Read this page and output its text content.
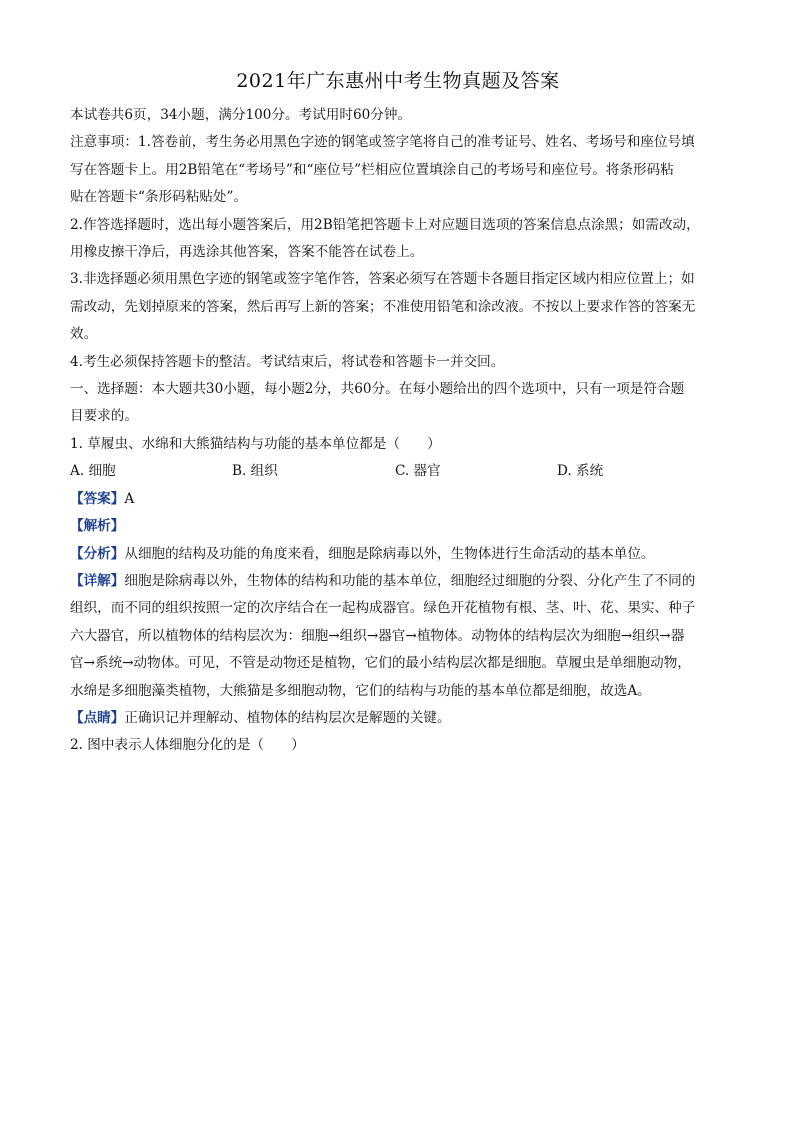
2021年广东惠州中考生物真题及答案

本试卷共6页，34小题，满分100分。考试用时60分钟。

注意事项：1.答卷前，考生务必用黑色字迹的钢笔或签字笔将自己的准考证号、姓名、考场号和座位号填

写在答题卡上。用2B铅笔在“考场号”和“座位号”栏相应位置填涂自己的考场号和座位号。将条形码粘

贴在答题卡“条形码粘贴处”。

2.作答选择题时，选出每小题答案后，用2B铅笔把答题卡上对应题目选项的答案信息点涂黑；如需改动，

用橡皮擦干净后，再选涂其他答案，答案不能答在试卷上。

3.非选择题必须用黑色字迹的钢笔或签字笔作答，答案必须写在答题卡各题目指定区域内相应位置上；如

需改动，先划掉原来的答案，然后再写上新的答案；不准使用铅笔和涂改液。不按以上要求作答的答案无

效。

4.考生必须保持答题卡的整洁。考试结束后，将试卷和答题卡一并交回。

一、选择题：本大题共30小题，每小题2分，共60分。在每小题给出的四个选项中，只有一项是符合题

目要求的。

1. 草履虫、水绵和大熊猫结构与功能的基本单位都是（　　）

A. 细胞	B. 组织	C. 器官	D. 系统

【答案】A

【解析】

【分析】从细胞的结构及功能的角度来看，细胞是除病毒以外，生物体进行生命活动的基本单位。

【详解】细胞是除病毒以外，生物体的结构和功能的基本单位，细胞经过细胞的分裂、分化产生了不同的

组织，而不同的组织按照一定的次序结合在一起构成器官。绿色开花植物有根、茎、叶、花、果实、种子

六大器官，所以植物体的结构层次为：细胞→组织→器官→植物体。动物体的结构层次为细胞→组织→器

官→系统→动物体。可见，不管是动物还是植物，它们的最小结构层次都是细胞。草履虫是单细胞动物，

水绵是多细胞藻类植物，大熊猫是多细胞动物，它们的结构与功能的基本单位都是细胞，故选A。

【点睛】正确识记并理解动、植物体的结构层次是解题的关键。

2. 图中表示人体细胞分化的是（　　）
